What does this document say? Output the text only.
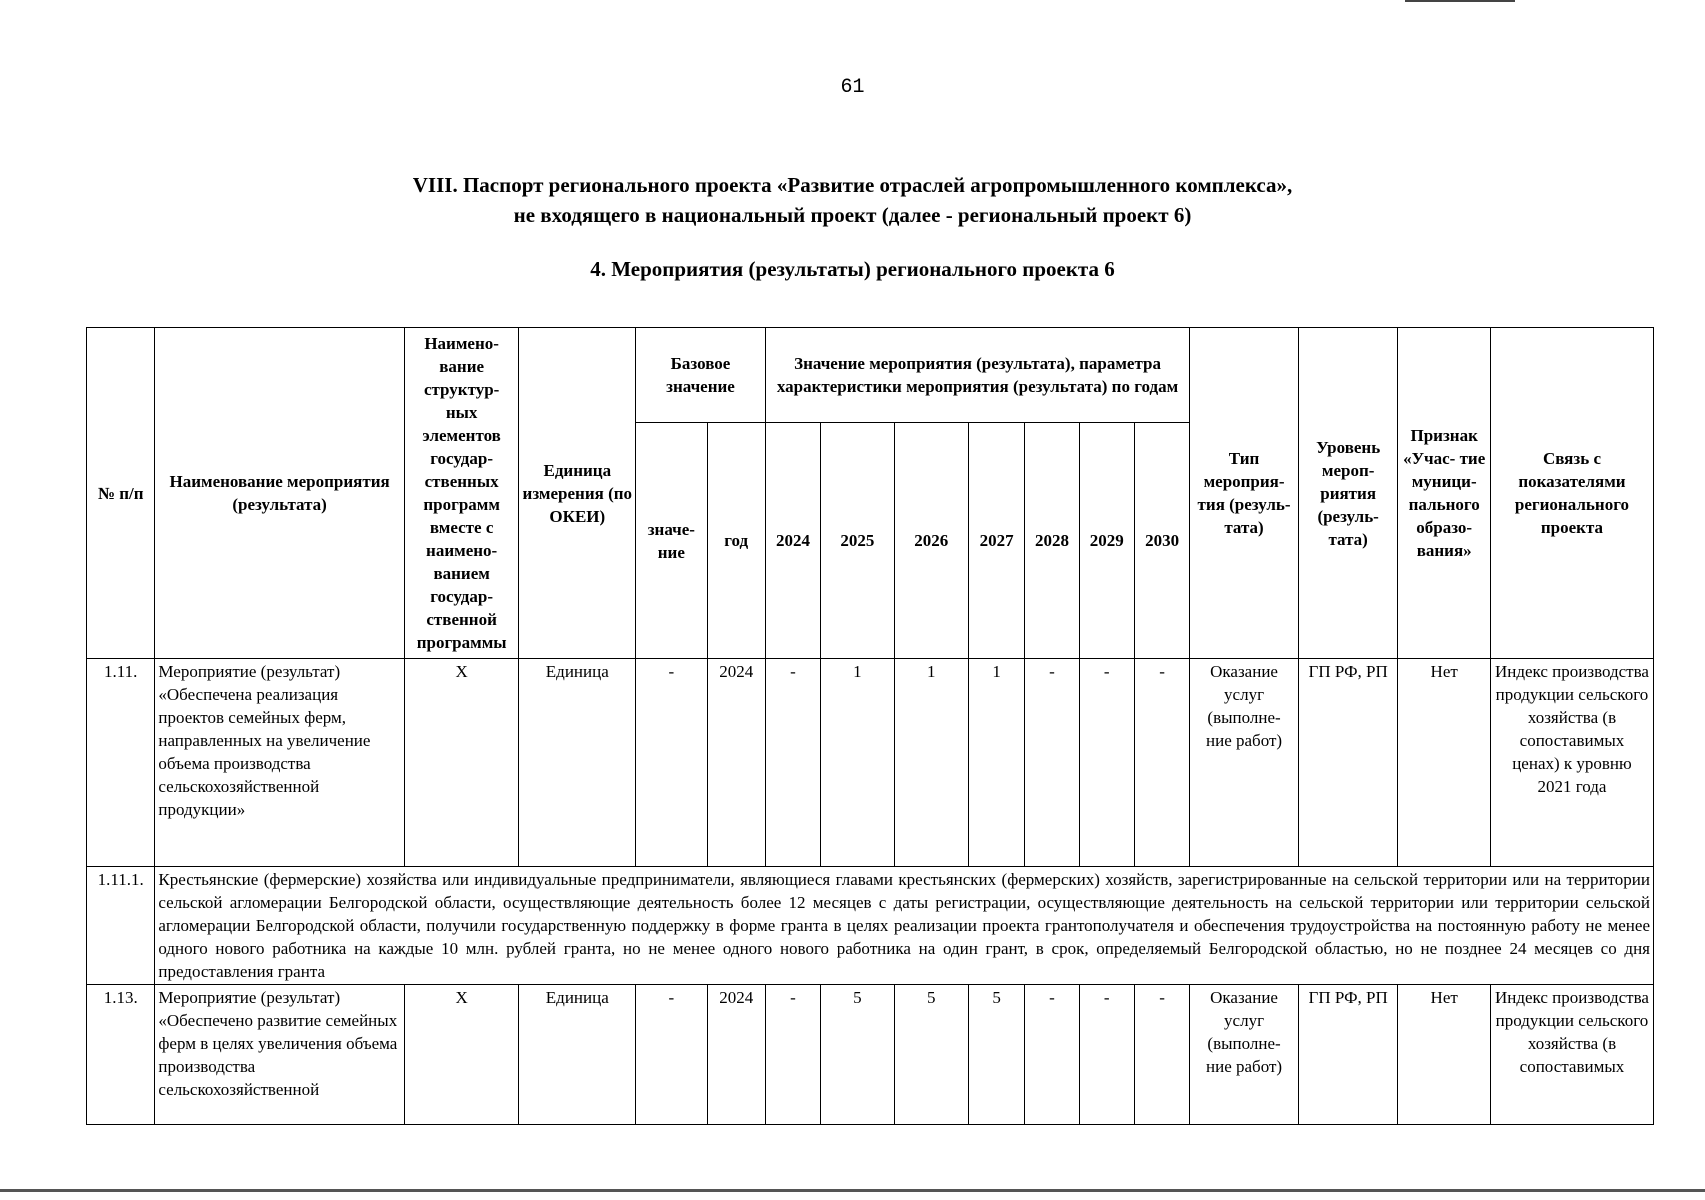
61
VIII. Паспорт регионального проекта «Развитие отраслей агропромышленного комплекса»,
не входящего в национальный проект (далее - региональный проект 6)
4. Мероприятия (результаты) регионального проекта 6
№ п/п	Наименование мероприятия (результата)	Наимено- вание структур- ных элементов государ- ственных программ вместе с наимено- ванием государ- ственной программы	Единица измерения (по ОКЕИ)	Базовое значение		Значение мероприятия (результата), параметра характеристики мероприятия (результата) по годам							Тип мероприя- тия (резуль- тата)	Уровень мероп- риятия (резуль- тата)	Признак «Учас- тие муници- пального образо- вания»	Связь с показателями регионального проекта
				значе- ние	год	2024	2025	2026	2027	2028	2029	2030				
1.11.	Мероприятие (результат) «Обеспечена реализация проектов семейных ферм, направленных на увеличение объема производства сельскохозяйственной продукции»	X	Единица	-	2024	-	1	1	1	-	-	-	Оказание услуг (выполне- ние работ)	ГП РФ, РП	Нет	Индекс производства продукции сельского хозяйства (в сопоставимых ценах) к уровню 2021 года
1.11.1.	Крестьянские (фермерские) хозяйства или индивидуальные предприниматели, являющиеся главами крестьянских (фермерских) хозяйств, зарегистрированные на сельской территории или на территории сельской агломерации Белгородской области, осуществляющие деятельность более 12 месяцев с даты регистрации, осуществляющие деятельность на сельской территории или территории сельской агломерации Белгородской области, получили государственную поддержку в форме гранта в целях реализации проекта грантополучателя и обеспечения трудоустройства на постоянную работу не менее одного нового работника на каждые 10 млн. рублей гранта, но не менее одного нового работника на один грант, в срок, определяемый Белгородской областью, но не позднее 24 месяцев со дня предоставления гранта															
1.13.	Мероприятие (результат) «Обеспечено развитие семейных ферм в целях увеличения объема производства сельскохозяйственной	X	Единица	-	2024	-	5	5	5	-	-	-	Оказание услуг (выполне- ние работ)	ГП РФ, РП	Нет	Индекс производства продукции сельского хозяйства (в сопоставимых
